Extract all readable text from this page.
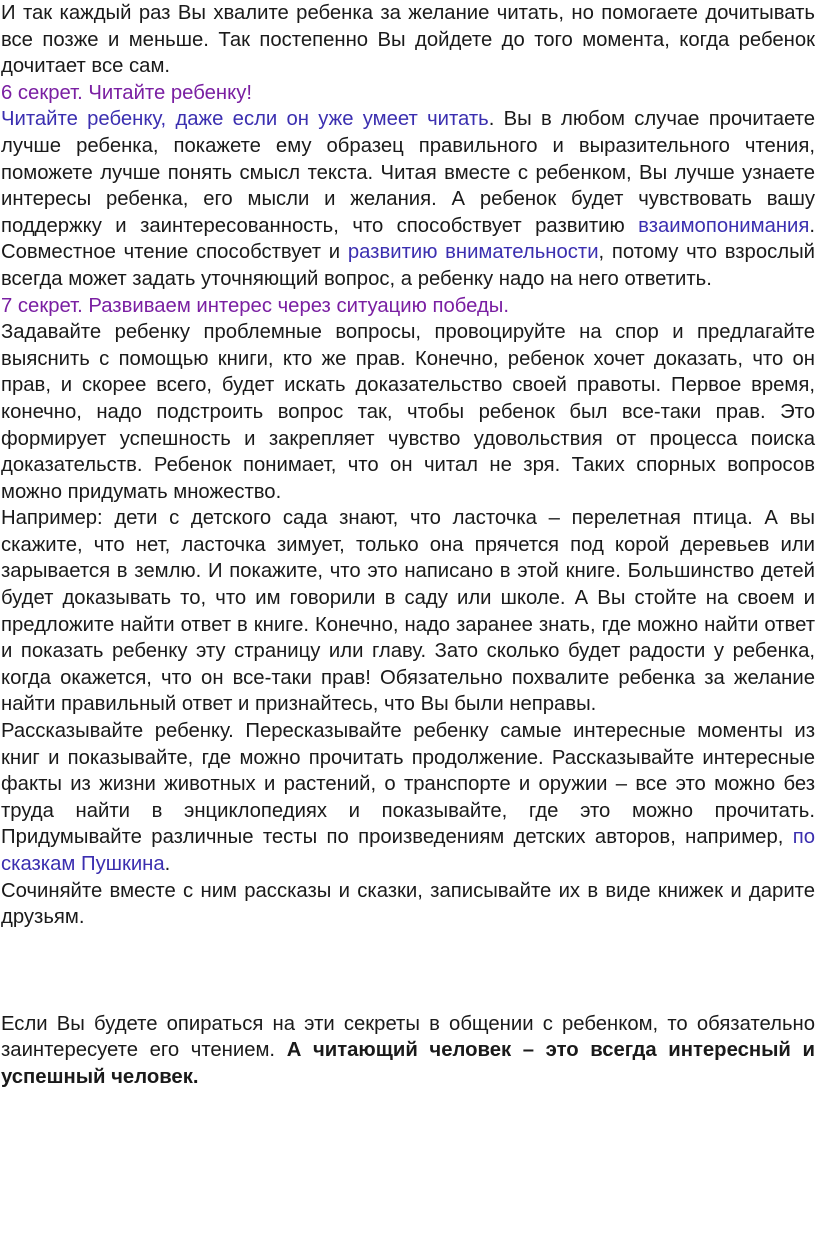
И так каждый раз Вы хвалите ребенка за желание читать, но помогаете дочитывать все позже и меньше. Так постепенно Вы дойдете до того момента, когда ребенок дочитает все сам.

6 секрет. Читайте ребенку!

Читайте ребенку, даже если он уже умеет читать. Вы в любом случае прочитаете лучше ребенка, покажете ему образец правильного и выразительного чтения, поможете лучше понять смысл текста. Читая вместе с ребенком, Вы лучше узнаете интересы ребенка, его мысли и желания. А ребенок будет чувствовать вашу поддержку и заинтересованность, что способствует развитию взаимопонимания. Совместное чтение способствует и развитию внимательности, потому что взрослый всегда может задать уточняющий вопрос, а ребенку надо на него ответить.

7 секрет. Развиваем интерес через ситуацию победы.

Задавайте ребенку проблемные вопросы, провоцируйте на спор и предлагайте выяснить с помощью книги, кто же прав. Конечно, ребенок хочет доказать, что он прав, и скорее всего, будет искать доказательство своей правоты. Первое время, конечно, надо подстроить вопрос так, чтобы ребенок был все-таки прав. Это формирует успешность и закрепляет чувство удовольствия от процесса поиска доказательств. Ребенок понимает, что он читал не зря. Таких спорных вопросов можно придумать множество.

Например: дети с детского сада знают, что ласточка – перелетная птица. А вы скажите, что нет, ласточка зимует, только она прячется под корой деревьев или зарывается в землю. И покажите, что это написано в этой книге. Большинство детей будет доказывать то, что им говорили в саду или школе. А Вы стойте на своем и предложите найти ответ в книге. Конечно, надо заранее знать, где можно найти ответ и показать ребенку эту страницу или главу. Зато сколько будет радости у ребенка, когда окажется, что он все-таки прав! Обязательно похвалите ребенка за желание найти правильный ответ и признайтесь, что Вы были неправы.

Рассказывайте ребенку. Пересказывайте ребенку самые интересные моменты из книг и показывайте, где можно прочитать продолжение. Рассказывайте интересные факты из жизни животных и растений, о транспорте и оружии – все это можно без труда найти в энциклопедиях и показывайте, где это можно прочитать. Придумывайте различные тесты по произведениям детских авторов, например, по сказкам Пушкина.

Сочиняйте вместе с ним рассказы и сказки, записывайте их в виде книжек и дарите друзьям.

Если Вы будете опираться на эти секреты в общении с ребенком, то обязательно заинтересуете его чтением. А читающий человек – это всегда интересный и успешный человек.
